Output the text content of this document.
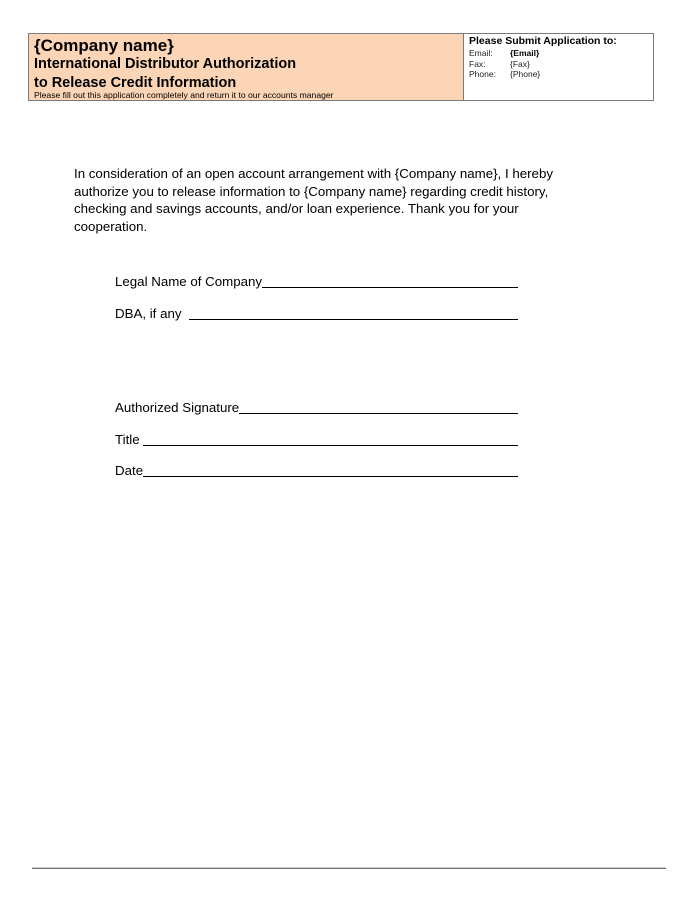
{Company name}

International Distributor Authorization

to Release Credit Information

Please fill out this application completely and return it to our accounts manager

Please Submit Application to:

Email:	{Email}
Fax:	{Fax}
Phone:	{Phone}

In consideration of an open account arrangement with {Company name}, I hereby authorize you to release information to {Company name} regarding credit history, checking and savings accounts, and/or loan experience. Thank you for your cooperation.

Legal Name of Company
DBA, if any
Authorized Signature
Title
Date
